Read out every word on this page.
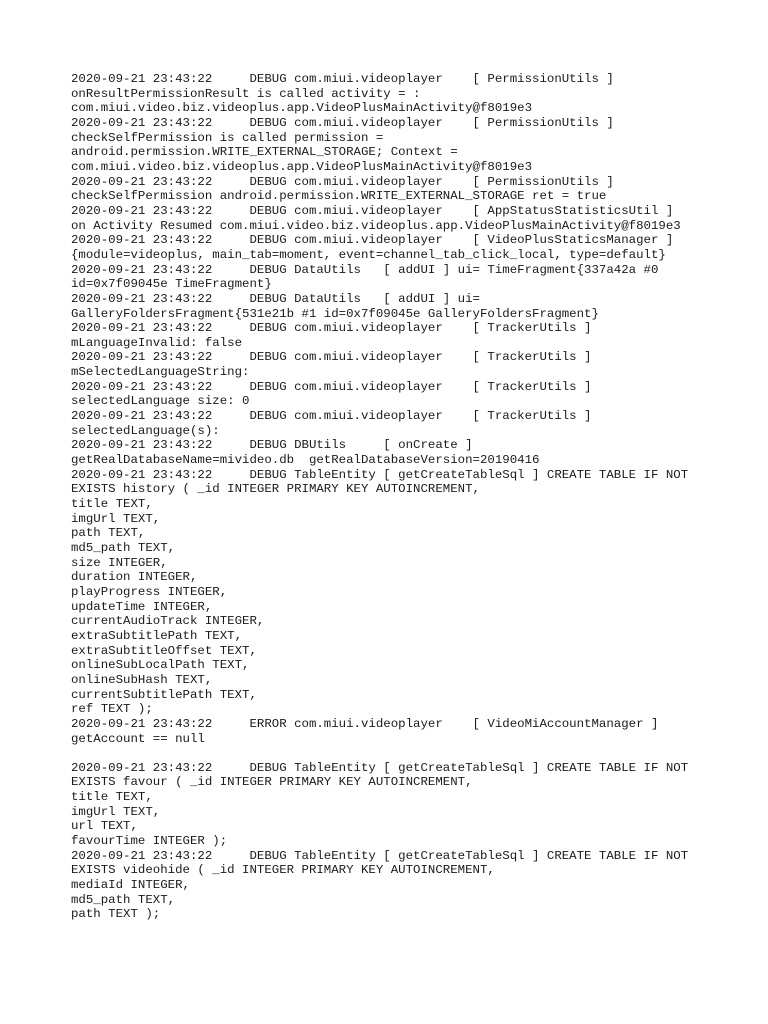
2020-09-21 23:43:22     DEBUG com.miui.videoplayer    [ PermissionUtils ]
onResultPermissionResult is called activity = :
com.miui.video.biz.videoplus.app.VideoPlusMainActivity@f8019e3
2020-09-21 23:43:22     DEBUG com.miui.videoplayer    [ PermissionUtils ]
checkSelfPermission is called permission =
android.permission.WRITE_EXTERNAL_STORAGE; Context =
com.miui.video.biz.videoplus.app.VideoPlusMainActivity@f8019e3
2020-09-21 23:43:22     DEBUG com.miui.videoplayer    [ PermissionUtils ]
checkSelfPermission android.permission.WRITE_EXTERNAL_STORAGE ret = true
2020-09-21 23:43:22     DEBUG com.miui.videoplayer    [ AppStatusStatisticsUtil ]
on Activity Resumed com.miui.video.biz.videoplus.app.VideoPlusMainActivity@f8019e3
2020-09-21 23:43:22     DEBUG com.miui.videoplayer    [ VideoPlusStaticsManager ]
{module=videoplus, main_tab=moment, event=channel_tab_click_local, type=default}
2020-09-21 23:43:22     DEBUG DataUtils   [ addUI ] ui= TimeFragment{337a42a #0
id=0x7f09045e TimeFragment}
2020-09-21 23:43:22     DEBUG DataUtils   [ addUI ] ui=
GalleryFoldersFragment{531e21b #1 id=0x7f09045e GalleryFoldersFragment}
2020-09-21 23:43:22     DEBUG com.miui.videoplayer    [ TrackerUtils ]
mLanguageInvalid: false
2020-09-21 23:43:22     DEBUG com.miui.videoplayer    [ TrackerUtils ]
mSelectedLanguageString:
2020-09-21 23:43:22     DEBUG com.miui.videoplayer    [ TrackerUtils ]
selectedLanguage size: 0
2020-09-21 23:43:22     DEBUG com.miui.videoplayer    [ TrackerUtils ]
selectedLanguage(s):
2020-09-21 23:43:22     DEBUG DBUtils     [ onCreate ]
getRealDatabaseName=mivideo.db  getRealDatabaseVersion=20190416
2020-09-21 23:43:22     DEBUG TableEntity [ getCreateTableSql ] CREATE TABLE IF NOT
EXISTS history ( _id INTEGER PRIMARY KEY AUTOINCREMENT,
title TEXT,
imgUrl TEXT,
path TEXT,
md5_path TEXT,
size INTEGER,
duration INTEGER,
playProgress INTEGER,
updateTime INTEGER,
currentAudioTrack INTEGER,
extraSubtitlePath TEXT,
extraSubtitleOffset TEXT,
onlineSubLocalPath TEXT,
onlineSubHash TEXT,
currentSubtitlePath TEXT,
ref TEXT );
2020-09-21 23:43:22     ERROR com.miui.videoplayer    [ VideoMiAccountManager ]
getAccount == null
2020-09-21 23:43:22     DEBUG TableEntity [ getCreateTableSql ] CREATE TABLE IF NOT
EXISTS favour ( _id INTEGER PRIMARY KEY AUTOINCREMENT,
title TEXT,
imgUrl TEXT,
url TEXT,
favourTime INTEGER );
2020-09-21 23:43:22     DEBUG TableEntity [ getCreateTableSql ] CREATE TABLE IF NOT
EXISTS videohide ( _id INTEGER PRIMARY KEY AUTOINCREMENT,
mediaId INTEGER,
md5_path TEXT,
path TEXT );
